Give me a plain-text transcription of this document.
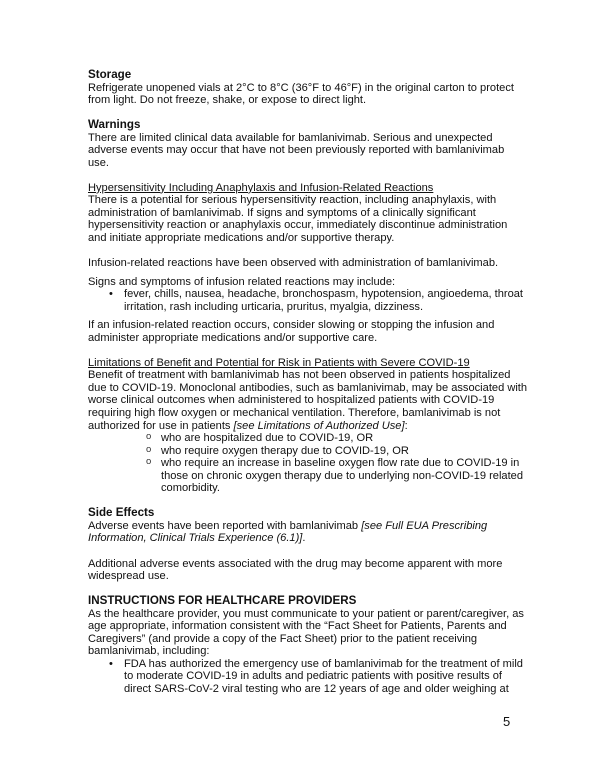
Storage

Refrigerate unopened vials at 2°C to 8°C (36°F to 46°F) in the original carton to protect from light. Do not freeze, shake, or expose to direct light.

Warnings

There are limited clinical data available for bamlanivimab. Serious and unexpected adverse events may occur that have not been previously reported with bamlanivimab use.

Hypersensitivity Including Anaphylaxis and Infusion-Related Reactions

There is a potential for serious hypersensitivity reaction, including anaphylaxis, with administration of bamlanivimab. If signs and symptoms of a clinically significant hypersensitivity reaction or anaphylaxis occur, immediately discontinue administration and initiate appropriate medications and/or supportive therapy.

Infusion-related reactions have been observed with administration of bamlanivimab.

Signs and symptoms of infusion related reactions may include:

• fever, chills, nausea, headache, bronchospasm, hypotension, angioedema, throat irritation, rash including urticaria, pruritus, myalgia, dizziness.

If an infusion-related reaction occurs, consider slowing or stopping the infusion and administer appropriate medications and/or supportive care.

Limitations of Benefit and Potential for Risk in Patients with Severe COVID-19

Benefit of treatment with bamlanivimab has not been observed in patients hospitalized due to COVID-19. Monoclonal antibodies, such as bamlanivimab, may be associated with worse clinical outcomes when administered to hospitalized patients with COVID-19 requiring high flow oxygen or mechanical ventilation. Therefore, bamlanivimab is not authorized for use in patients [see Limitations of Authorized Use]:

o who are hospitalized due to COVID-19, OR
o who require oxygen therapy due to COVID-19, OR
o who require an increase in baseline oxygen flow rate due to COVID-19 in those on chronic oxygen therapy due to underlying non-COVID-19 related comorbidity.

Side Effects

Adverse events have been reported with bamlanivimab [see Full EUA Prescribing Information, Clinical Trials Experience (6.1)].

Additional adverse events associated with the drug may become apparent with more widespread use.

INSTRUCTIONS FOR HEALTHCARE PROVIDERS

As the healthcare provider, you must communicate to your patient or parent/caregiver, as age appropriate, information consistent with the “Fact Sheet for Patients, Parents and Caregivers” (and provide a copy of the Fact Sheet) prior to the patient receiving bamlanivimab, including:

• FDA has authorized the emergency use of bamlanivimab for the treatment of mild to moderate COVID-19 in adults and pediatric patients with positive results of direct SARS-CoV-2 viral testing who are 12 years of age and older weighing at
5
